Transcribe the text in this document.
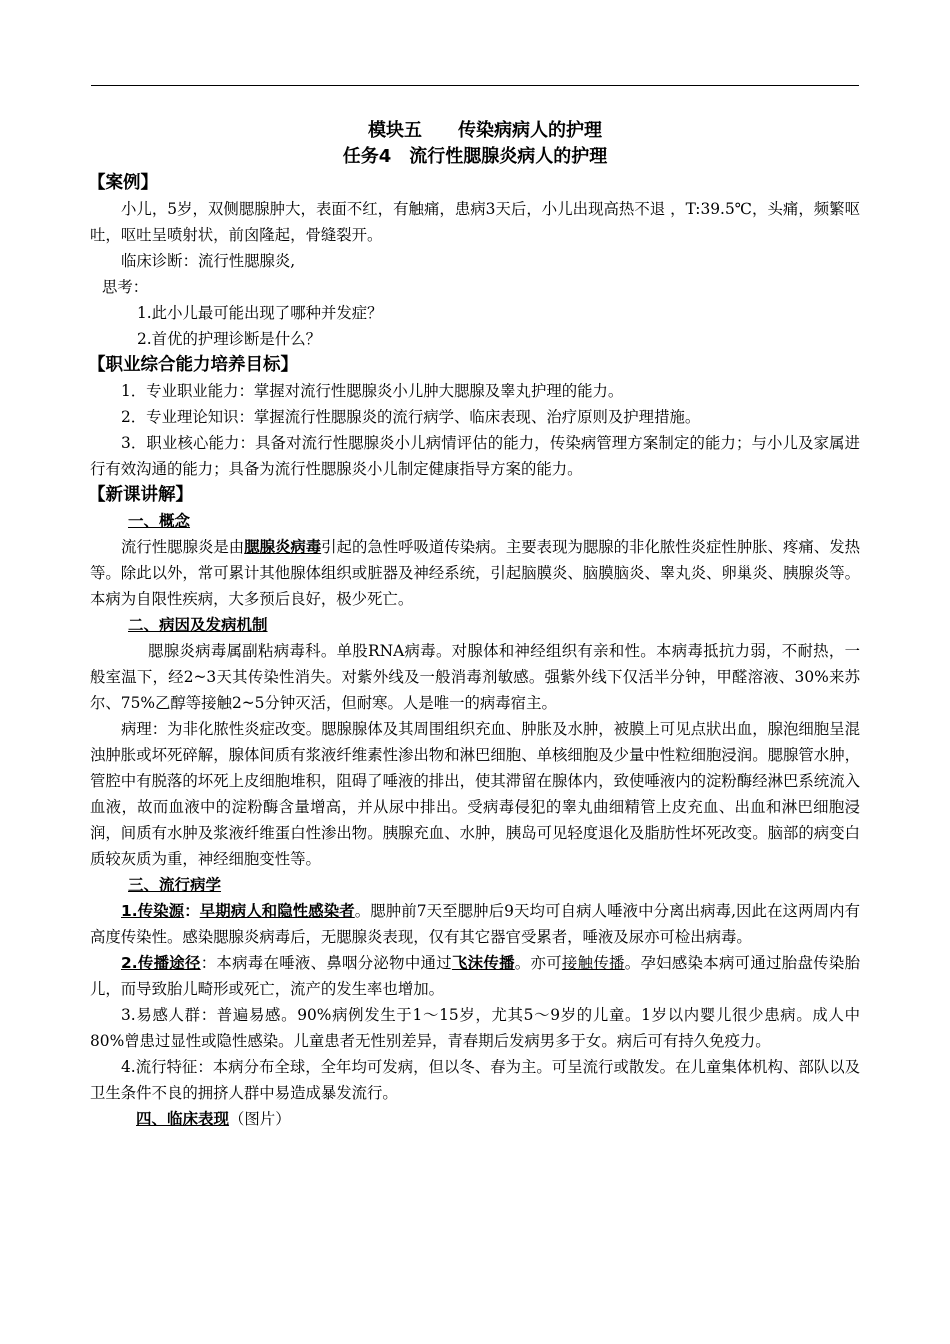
模块五　　传染病病人的护理
任务4　流行性腮腺炎病人的护理
【案例】

小儿，5岁，双侧腮腺肿大，表面不红，有触痛，患病3天后，小儿出现高热不退 ，T:39.5℃，头痛，频繁呕吐，呕吐呈喷射状，前囟隆起，骨缝裂开。

临床诊断：流行性腮腺炎,

思考：

1.此小儿最可能出现了哪种并发症？

2.首优的护理诊断是什么？

【职业综合能力培养目标】

1．专业职业能力：掌握对流行性腮腺炎小儿肿大腮腺及睾丸护理的能力。

2．专业理论知识：掌握流行性腮腺炎的流行病学、临床表现、治疗原则及护理措施。

3．职业核心能力：具备对流行性腮腺炎小儿病情评估的能力，传染病管理方案制定的能力；与小儿及家属进行有效沟通的能力；具备为流行性腮腺炎小儿制定健康指导方案的能力。

【新课讲解】
一、概念

流行性腮腺炎是由腮腺炎病毒引起的急性呼吸道传染病。主要表现为腮腺的非化脓性炎症性肿胀、疼痛、发热等。除此以外，常可累计其他腺体组织或脏器及神经系统，引起脑膜炎、脑膜脑炎、睾丸炎、卵巢炎、胰腺炎等。本病为自限性疾病，大多预后良好，极少死亡。

二、病因及发病机制

腮腺炎病毒属副粘病毒科。单股RNA病毒。对腺体和神经组织有亲和性。本病毒抵抗力弱，不耐热，一般室温下，经2~3天其传染性消失。对紫外线及一般消毒剂敏感。强紫外线下仅活半分钟，甲醛溶液、30%来苏尔、75%乙醇等接触2~5分钟灭活，但耐寒。人是唯一的病毒宿主。

病理：为非化脓性炎症改变。腮腺腺体及其周围组织充血、肿胀及水肿，被膜上可见点狀出血，腺泡细胞呈混浊肿胀或坏死碎解，腺体间质有浆液纤维素性渗出物和淋巴细胞、单核细胞及少量中性粒细胞浸润。腮腺管水肿，管腔中有脱落的坏死上皮细胞堆积，阻碍了唾液的排出，使其滞留在腺体内，致使唾液内的淀粉酶经淋巴系统流入血液，故而血液中的淀粉酶含量增高，并从尿中排出。受病毒侵犯的睾丸曲细精管上皮充血、出血和淋巴细胞浸润，间质有水肿及浆液纤维蛋白性渗出物。胰腺充血、水肿，胰岛可见轻度退化及脂肪性坏死改变。脑部的病变白质较灰质为重，神经细胞变性等。

三、流行病学

1.传染源：早期病人和隐性感染者。腮肿前7天至腮肿后9天均可自病人唾液中分离出病毒,因此在这两周内有高度传染性。感染腮腺炎病毒后，无腮腺炎表现，仅有其它器官受累者，唾液及尿亦可检出病毒。

2.传播途径：本病毒在唾液、鼻咽分泌物中通过飞沫传播。亦可接触传播。孕妇感染本病可通过胎盘传染胎儿，而导致胎儿畸形或死亡，流产的发生率也增加。

3.易感人群：普遍易感。90%病例发生于1～15岁，尤其5～9岁的儿童。1岁以内婴儿很少患病。成人中80%曾患过显性或隐性感染。儿童患者无性别差异，青春期后发病男多于女。病后可有持久免疫力。

4.流行特征：本病分布全球，全年均可发病，但以冬、春为主。可呈流行或散发。在儿童集体机构、部队以及卫生条件不良的拥挤人群中易造成暴发流行。

四、临床表现（图片）
